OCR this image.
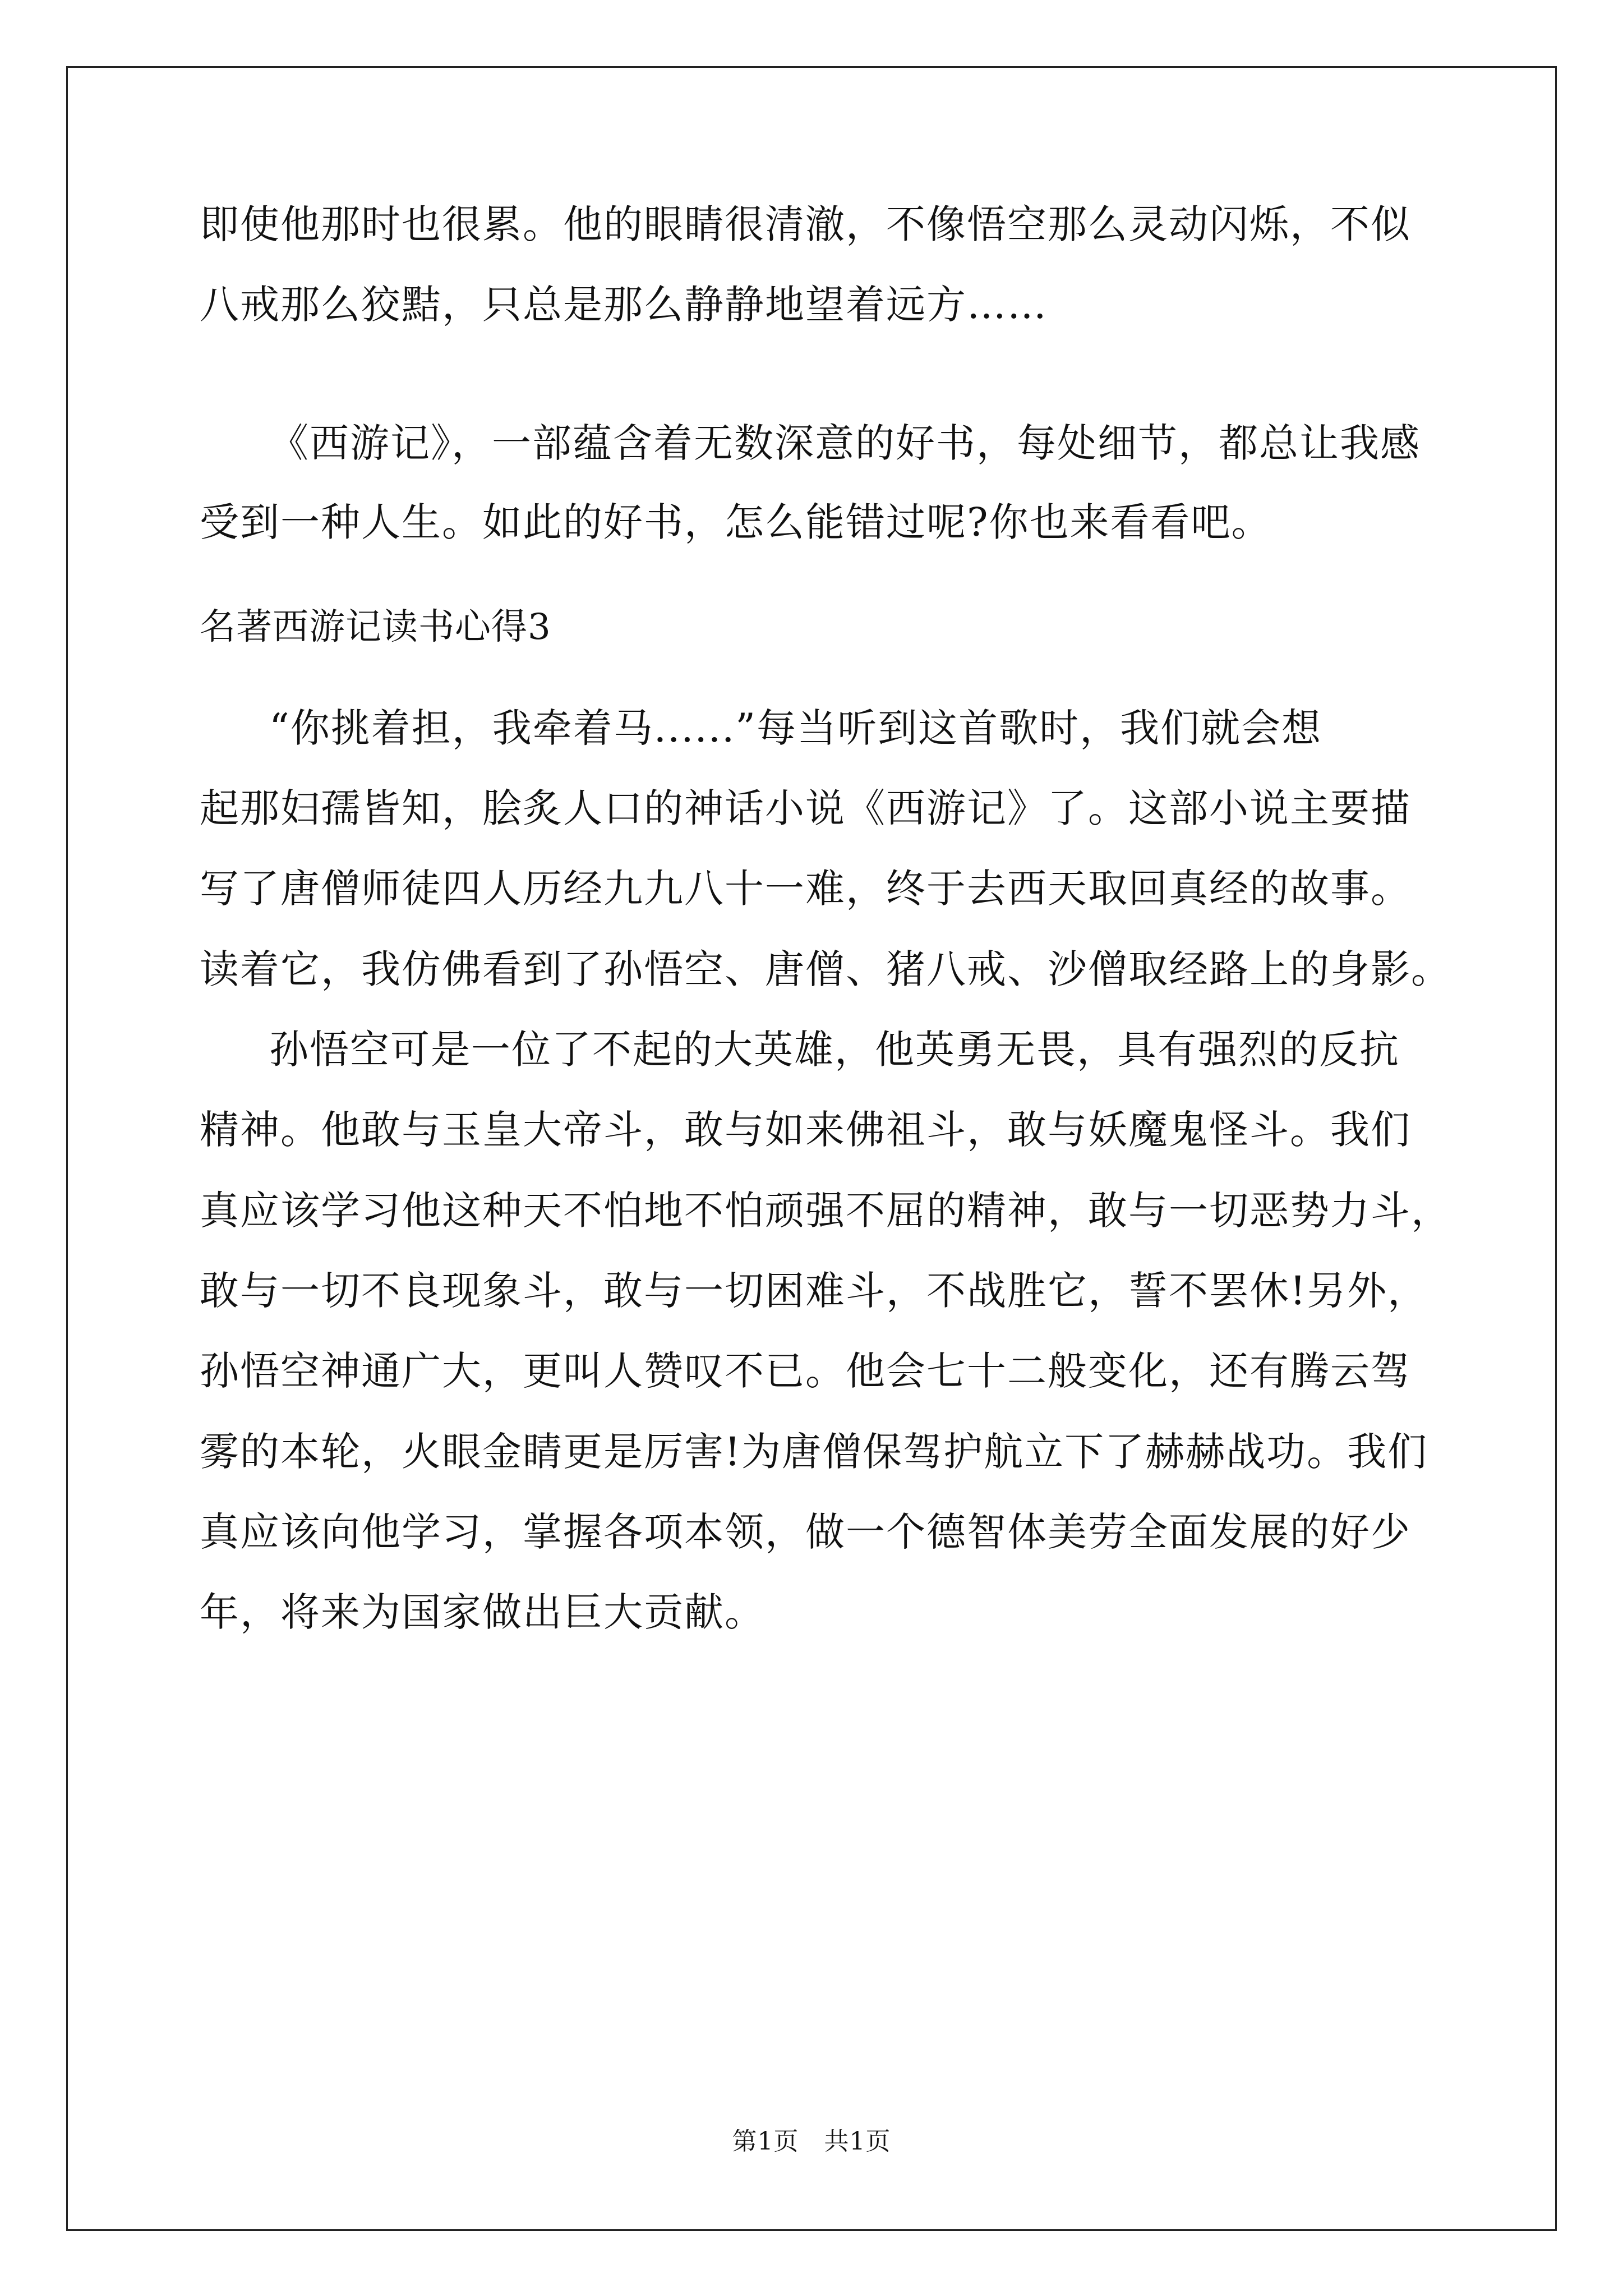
即使他那时也很累。他的眼睛很清澈，不像悟空那么灵动闪烁，不似
八戒那么狡黠，只总是那么静静地望着远方……
《西游记》，一部蕴含着无数深意的好书，每处细节，都总让我感
受到一种人生。如此的好书，怎么能错过呢?你也来看看吧。
名著西游记读书心得3
“你挑着担，我牵着马......”每当听到这首歌时，我们就会想
起那妇孺皆知，脍炙人口的神话小说《西游记》了。这部小说主要描
写了唐僧师徒四人历经九九八十一难，终于去西天取回真经的故事。
读着它，我仿佛看到了孙悟空、唐僧、猪八戒、沙僧取经路上的身影。
孙悟空可是一位了不起的大英雄，他英勇无畏，具有强烈的反抗
精神。他敢与玉皇大帝斗，敢与如来佛祖斗，敢与妖魔鬼怪斗。我们
真应该学习他这种天不怕地不怕顽强不屈的精神，敢与一切恶势力斗，
敢与一切不良现象斗，敢与一切困难斗，不战胜它，誓不罢休!另外，
孙悟空神通广大，更叫人赞叹不已。他会七十二般变化，还有腾云驾
雾的本轮，火眼金睛更是厉害!为唐僧保驾护航立下了赫赫战功。我们
真应该向他学习，掌握各项本领，做一个德智体美劳全面发展的好少
年，将来为国家做出巨大贡献。
第1页　共1页
